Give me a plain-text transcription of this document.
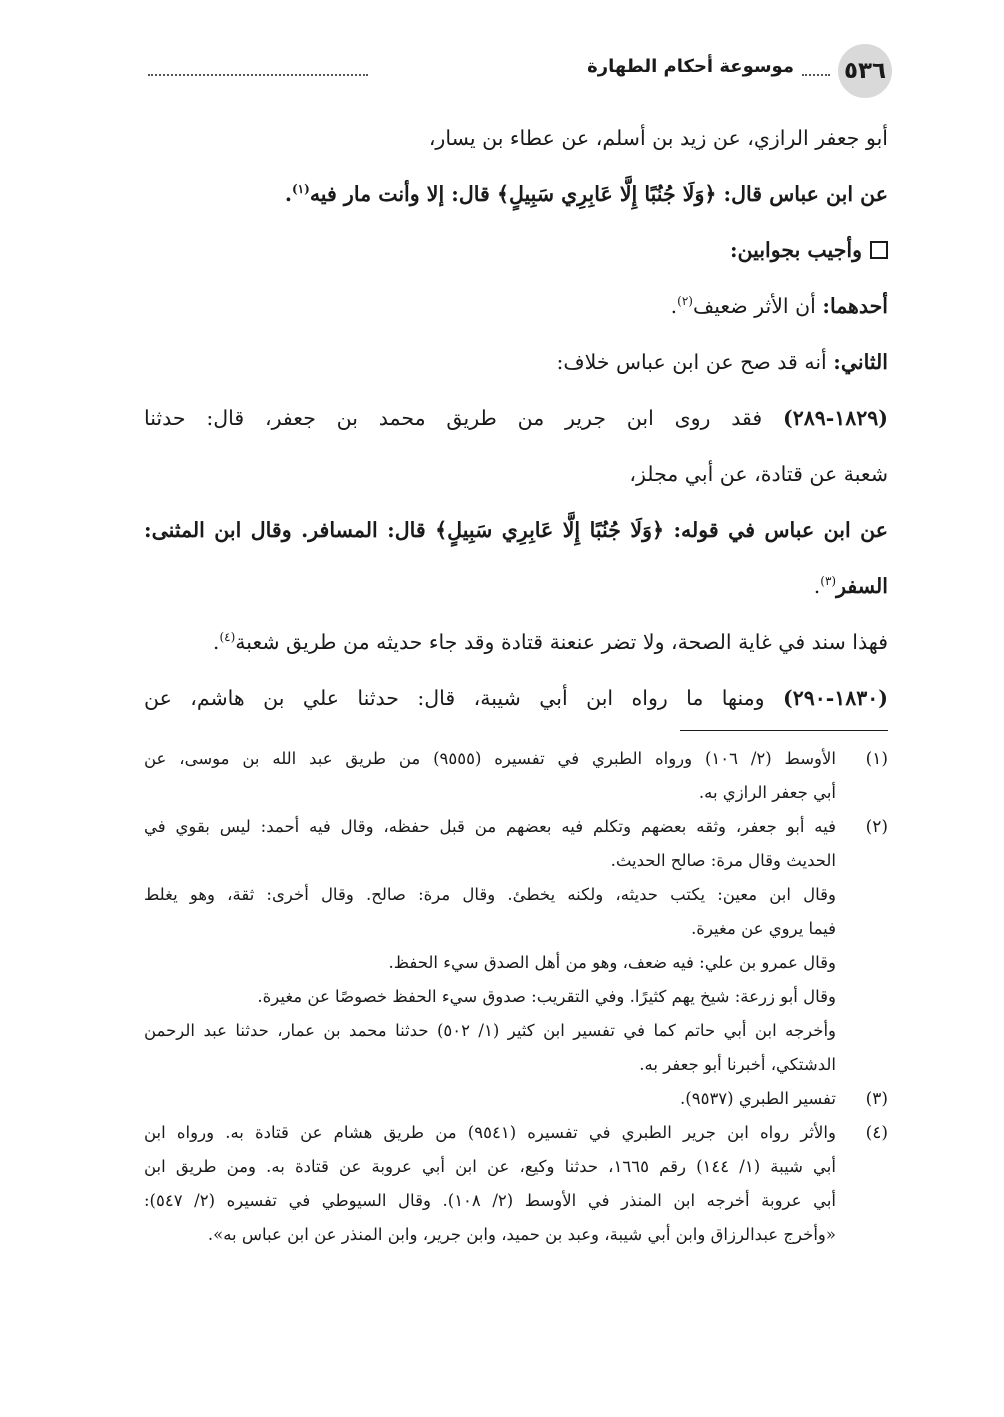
٥٣٦
موسوعة أحكام الطهارة
أبو جعفر الرازي، عن زيد بن أسلم، عن عطاء بن يسار،
عن ابن عباس قال: ﴿وَلَا جُنُبًا إِلَّا عَابِرِي سَبِيلٍ﴾ قال: إلا وأنت مار فيه$^{(١)}$.
وأجيب بجوابين:
أحدهما: أن الأثر ضعيف$^{(٢)}$.
الثاني: أنه قد صح عن ابن عباس خلاف:
(١٨٢٩-٢٨٩) فقد روى ابن جرير من طريق محمد بن جعفر، قال: حدثنا
شعبة عن قتادة، عن أبي مجلز،
عن ابن عباس في قوله: ﴿وَلَا جُنُبًا إِلَّا عَابِرِي سَبِيلٍ﴾ قال: المسافر. وقال ابن المثنى:
السفر$^{(٣)}$.
فهذا سند في غاية الصحة، ولا تضر عنعنة قتادة وقد جاء حديثه من طريق شعبة$^{(٤)}$.
(١٨٣٠-٢٩٠) ومنها ما رواه ابن أبي شيبة، قال: حدثنا علي بن هاشم، عن
(١)
الأوسط (٢/ ١٠٦) ورواه الطبري في تفسيره (٩٥٥٥) من طريق عبد الله بن موسى، عن
أبي جعفر الرازي به.
(٢)
فيه أبو جعفر، وثقه بعضهم وتكلم فيه بعضهم من قبل حفظه، وقال فيه أحمد: ليس بقوي في
الحديث وقال مرة: صالح الحديث.
وقال ابن معين: يكتب حديثه، ولكنه يخطئ. وقال مرة: صالح. وقال أخرى: ثقة، وهو يغلط
فيما يروي عن مغيرة.
وقال عمرو بن علي: فيه ضعف، وهو من أهل الصدق سيء الحفظ.
وقال أبو زرعة: شيخ يهم كثيرًا. وفي التقريب: صدوق سيء الحفظ خصوصًا عن مغيرة.
وأخرجه ابن أبي حاتم كما في تفسير ابن كثير (١/ ٥٠٢) حدثنا محمد بن عمار، حدثنا عبد الرحمن
الدشتكي، أخبرنا أبو جعفر به.
(٣)
تفسير الطبري (٩٥٣٧).
(٤)
والأثر رواه ابن جرير الطبري في تفسيره (٩٥٤١) من طريق هشام عن قتادة به. ورواه ابن
أبي شيبة (١/ ١٤٤) رقم ١٦٦٥، حدثنا وكيع، عن ابن أبي عروبة عن قتادة به. ومن طريق ابن
أبي عروبة أخرجه ابن المنذر في الأوسط (٢/ ١٠٨). وقال السيوطي في تفسيره (٢/ ٥٤٧):
«وأخرج عبدالرزاق وابن أبي شيبة، وعبد بن حميد، وابن جرير، وابن المنذر عن ابن عباس به».
